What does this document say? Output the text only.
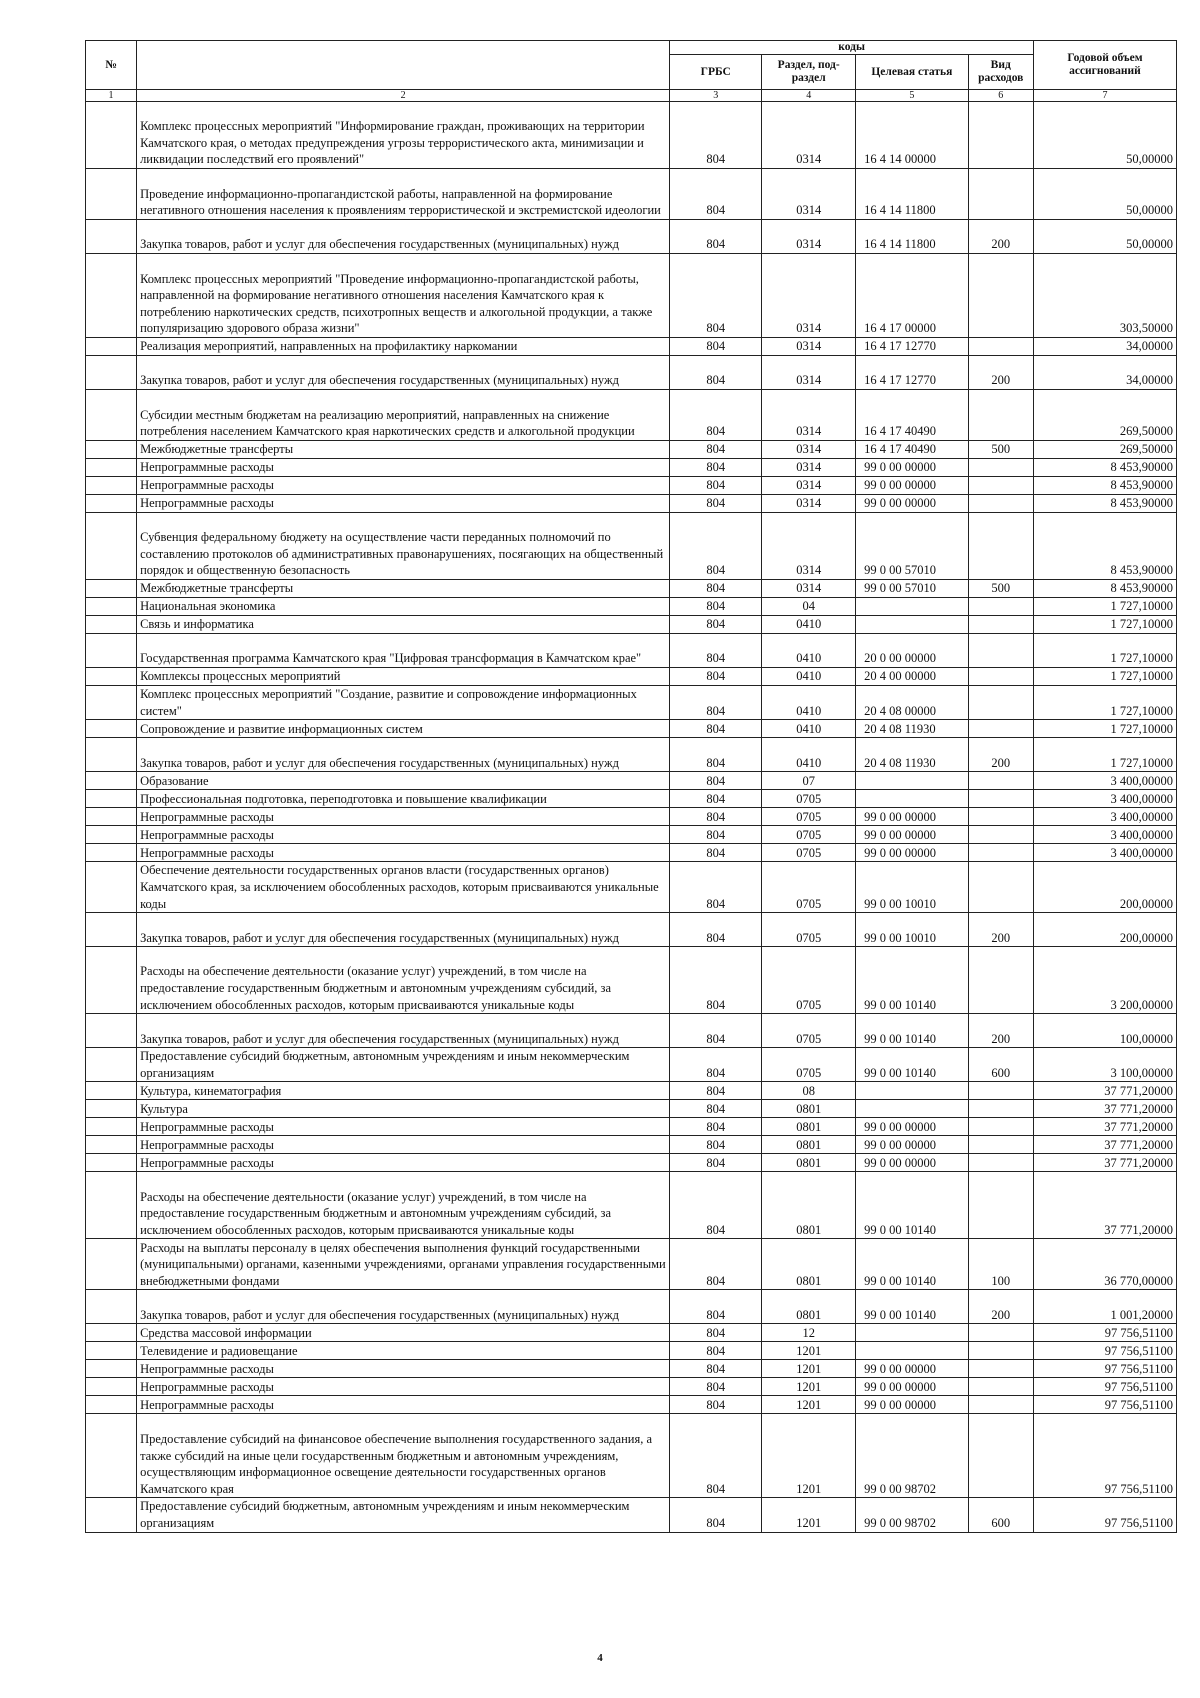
№		коды				Годовой объем ассигнований
		ГРБС	Раздел, под-раздел	Целевая статья	Вид расходов	
1	2	3	4	5	6	7
	Комплекс процессных мероприятий "Информирование граждан, проживающих на территории Камчатского края, о методах предупреждения угрозы террористического акта, минимизации и ликвидации последствий его проявлений"	804	0314	16 4 14 00000		50,00000
	Проведение информационно-пропагандистской работы, направленной на формирование негативного отношения населения к проявлениям террористической и экстремистской идеологии	804	0314	16 4 14 11800		50,00000
	Закупка товаров, работ и услуг для обеспечения государственных (муниципальных) нужд	804	0314	16 4 14 11800	200	50,00000
	Комплекс процессных мероприятий "Проведение информационно-пропагандистской работы, направленной на формирование негативного отношения населения Камчатского края к потреблению наркотических средств, психотропных веществ и алкогольной продукции, а также популяризацию здорового образа жизни"	804	0314	16 4 17 00000		303,50000
	Реализация мероприятий, направленных на профилактику наркомании	804	0314	16 4 17 12770		34,00000
	Закупка товаров, работ и услуг для обеспечения государственных (муниципальных) нужд	804	0314	16 4 17 12770	200	34,00000
	Субсидии местным бюджетам на реализацию мероприятий, направленных на снижение потребления населением Камчатского края наркотических средств и алкогольной продукции	804	0314	16 4 17 40490		269,50000
	Межбюджетные трансферты	804	0314	16 4 17 40490	500	269,50000
	Непрограммные расходы	804	0314	99 0 00 00000		8 453,90000
	Непрограммные расходы	804	0314	99 0 00 00000		8 453,90000
	Непрограммные расходы	804	0314	99 0 00 00000		8 453,90000
	Субвенция федеральному бюджету на осуществление части переданных полномочий по составлению протоколов об административных правонарушениях, посягающих на общественный порядок и общественную безопасность	804	0314	99 0 00 57010		8 453,90000
	Межбюджетные трансферты	804	0314	99 0 00 57010	500	8 453,90000
	Национальная экономика	804	04			1 727,10000
	Связь и информатика	804	0410			1 727,10000
	Государственная программа Камчатского края "Цифровая трансформация в Камчатском крае"	804	0410	20 0 00 00000		1 727,10000
	Комплексы процессных мероприятий	804	0410	20 4 00 00000		1 727,10000
	Комплекс процессных мероприятий "Создание, развитие и сопровождение информационных систем"	804	0410	20 4 08 00000		1 727,10000
	Сопровождение и развитие информационных систем	804	0410	20 4 08 11930		1 727,10000
	Закупка товаров, работ и услуг для обеспечения государственных (муниципальных) нужд	804	0410	20 4 08 11930	200	1 727,10000
	Образование	804	07			3 400,00000
	Профессиональная подготовка, переподготовка и повышение квалификации	804	0705			3 400,00000
	Непрограммные расходы	804	0705	99 0 00 00000		3 400,00000
	Непрограммные расходы	804	0705	99 0 00 00000		3 400,00000
	Непрограммные расходы	804	0705	99 0 00 00000		3 400,00000
	Обеспечение деятельности государственных органов власти (государственных органов) Камчатского края, за исключением обособленных расходов, которым присваиваются уникальные коды	804	0705	99 0 00 10010		200,00000
	Закупка товаров, работ и услуг для обеспечения государственных (муниципальных) нужд	804	0705	99 0 00 10010	200	200,00000
	Расходы на обеспечение деятельности (оказание услуг) учреждений, в том числе на предоставление государственным бюджетным и автономным учреждениям субсидий, за исключением обособленных расходов, которым присваиваются уникальные коды	804	0705	99 0 00 10140		3 200,00000
	Закупка товаров, работ и услуг для обеспечения государственных (муниципальных) нужд	804	0705	99 0 00 10140	200	100,00000
	Предоставление субсидий бюджетным, автономным учреждениям и иным некоммерческим организациям	804	0705	99 0 00 10140	600	3 100,00000
	Культура, кинематография	804	08			37 771,20000
	Культура	804	0801			37 771,20000
	Непрограммные расходы	804	0801	99 0 00 00000		37 771,20000
	Непрограммные расходы	804	0801	99 0 00 00000		37 771,20000
	Непрограммные расходы	804	0801	99 0 00 00000		37 771,20000
	Расходы на обеспечение деятельности (оказание услуг) учреждений, в том числе на предоставление государственным бюджетным и автономным учреждениям субсидий, за исключением обособленных расходов, которым присваиваются уникальные коды	804	0801	99 0 00 10140		37 771,20000
	Расходы на выплаты персоналу в целях обеспечения выполнения функций государственными (муниципальными) органами, казенными учреждениями, органами управления государственными внебюджетными фондами	804	0801	99 0 00 10140	100	36 770,00000
	Закупка товаров, работ и услуг для обеспечения государственных (муниципальных) нужд	804	0801	99 0 00 10140	200	1 001,20000
	Средства массовой информации	804	12			97 756,51100
	Телевидение и радиовещание	804	1201			97 756,51100
	Непрограммные расходы	804	1201	99 0 00 00000		97 756,51100
	Непрограммные расходы	804	1201	99 0 00 00000		97 756,51100
	Непрограммные расходы	804	1201	99 0 00 00000		97 756,51100
	Предоставление субсидий на финансовое обеспечение выполнения государственного задания, а также субсидий на иные цели государственным бюджетным и автономным учреждениям, осуществляющим информационное освещение деятельности государственных органов Камчатского края	804	1201	99 0 00 98702		97 756,51100
	Предоставление субсидий бюджетным, автономным учреждениям и иным некоммерческим организациям	804	1201	99 0 00 98702	600	97 756,51100
4
